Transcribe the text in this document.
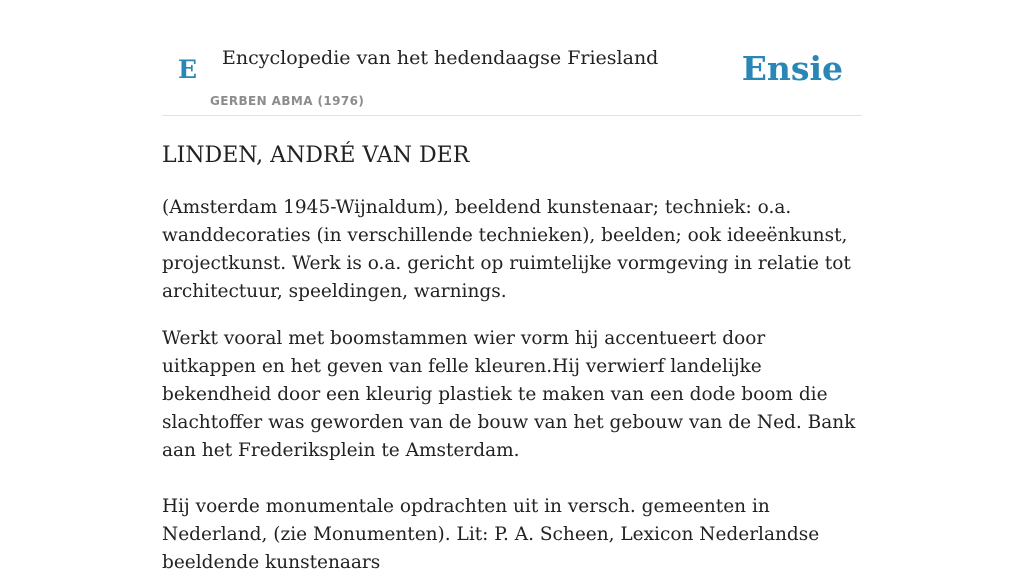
E Encyclopedie van het hedendaagse Friesland
GERBEN ABMA (1976)
Ensie
LINDEN, ANDRÉ VAN DER

(Amsterdam 1945-Wijnaldum), beeldend kunstenaar; techniek: o.a. wanddecoraties (in verschillende technieken), beelden; ook ideeënkunst, projectkunst. Werk is o.a. gericht op ruimtelijke vormgeving in relatie tot architectuur, speeldingen, warnings.

Werkt vooral met boomstammen wier vorm hij accentueert door uitkappen en het geven van felle kleuren.Hij verwierf landelijke bekendheid door een kleurig plastiek te maken van een dode boom die slachtoffer was geworden van de bouw van het gebouw van de Ned. Bank aan het Frederiksplein te Amsterdam.

Hij voerde monumentale opdrachten uit in versch. gemeenten in Nederland, (zie Monumenten). Lit: P. A. Scheen, Lexicon Nederlandse beeldende kunstenaars
